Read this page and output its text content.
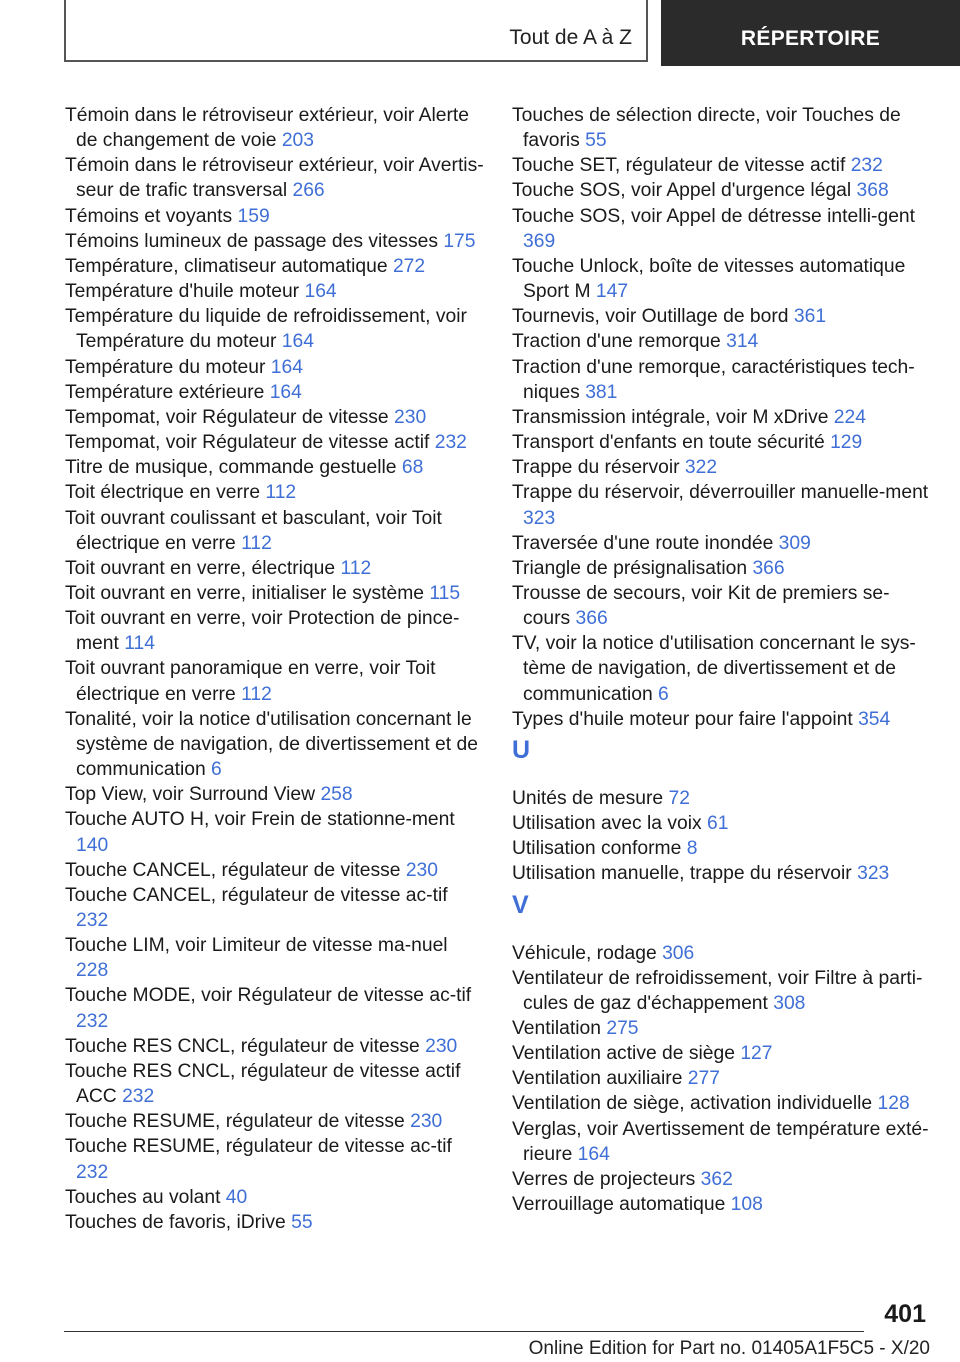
Tout de A à Z	RÉPERTOIRE
Témoin dans le rétroviseur extérieur, voir Alerte de changement de voie 203
Témoin dans le rétroviseur extérieur, voir Avertis-seur de trafic transversal 266
Témoins et voyants 159
Témoins lumineux de passage des vitesses 175
Température, climatiseur automatique 272
Température d'huile moteur 164
Température du liquide de refroidissement, voir Température du moteur 164
Température du moteur 164
Température extérieure 164
Tempomat, voir Régulateur de vitesse 230
Tempomat, voir Régulateur de vitesse actif 232
Titre de musique, commande gestuelle 68
Toit électrique en verre 112
Toit ouvrant coulissant et basculant, voir Toit électrique en verre 112
Toit ouvrant en verre, électrique 112
Toit ouvrant en verre, initialiser le système 115
Toit ouvrant en verre, voir Protection de pince-ment 114
Toit ouvrant panoramique en verre, voir Toit électrique en verre 112
Tonalité, voir la notice d'utilisation concernant le système de navigation, de divertissement et de communication 6
Top View, voir Surround View 258
Touche AUTO H, voir Frein de stationne-ment 140
Touche CANCEL, régulateur de vitesse 230
Touche CANCEL, régulateur de vitesse ac-tif 232
Touche LIM, voir Limiteur de vitesse ma-nuel 228
Touche MODE, voir Régulateur de vitesse ac-tif 232
Touche RES CNCL, régulateur de vitesse 230
Touche RES CNCL, régulateur de vitesse actif ACC 232
Touche RESUME, régulateur de vitesse 230
Touche RESUME, régulateur de vitesse ac-tif 232
Touches au volant 40
Touches de favoris, iDrive 55
Touches de sélection directe, voir Touches de favoris 55
Touche SET, régulateur de vitesse actif 232
Touche SOS, voir Appel d'urgence légal 368
Touche SOS, voir Appel de détresse intelli-gent 369
Touche Unlock, boîte de vitesses automatique Sport M 147
Tournevis, voir Outillage de bord 361
Traction d'une remorque 314
Traction d'une remorque, caractéristiques tech-niques 381
Transmission intégrale, voir M xDrive 224
Transport d'enfants en toute sécurité 129
Trappe du réservoir 322
Trappe du réservoir, déverrouiller manuelle-ment 323
Traversée d'une route inondée 309
Triangle de présignalisation 366
Trousse de secours, voir Kit de premiers se-cours 366
TV, voir la notice d'utilisation concernant le sys-tème de navigation, de divertissement et de communication 6
Types d'huile moteur pour faire l'appoint 354
U
Unités de mesure 72
Utilisation avec la voix 61
Utilisation conforme 8
Utilisation manuelle, trappe du réservoir 323
V
Véhicule, rodage 306
Ventilateur de refroidissement, voir Filtre à parti-cules de gaz d'échappement 308
Ventilation 275
Ventilation active de siège 127
Ventilation auxiliaire 277
Ventilation de siège, activation individuelle 128
Verglas, voir Avertissement de température exté-rieure 164
Verres de projecteurs 362
Verrouillage automatique 108
401
Online Edition for Part no. 01405A1F5C5 - X/20
